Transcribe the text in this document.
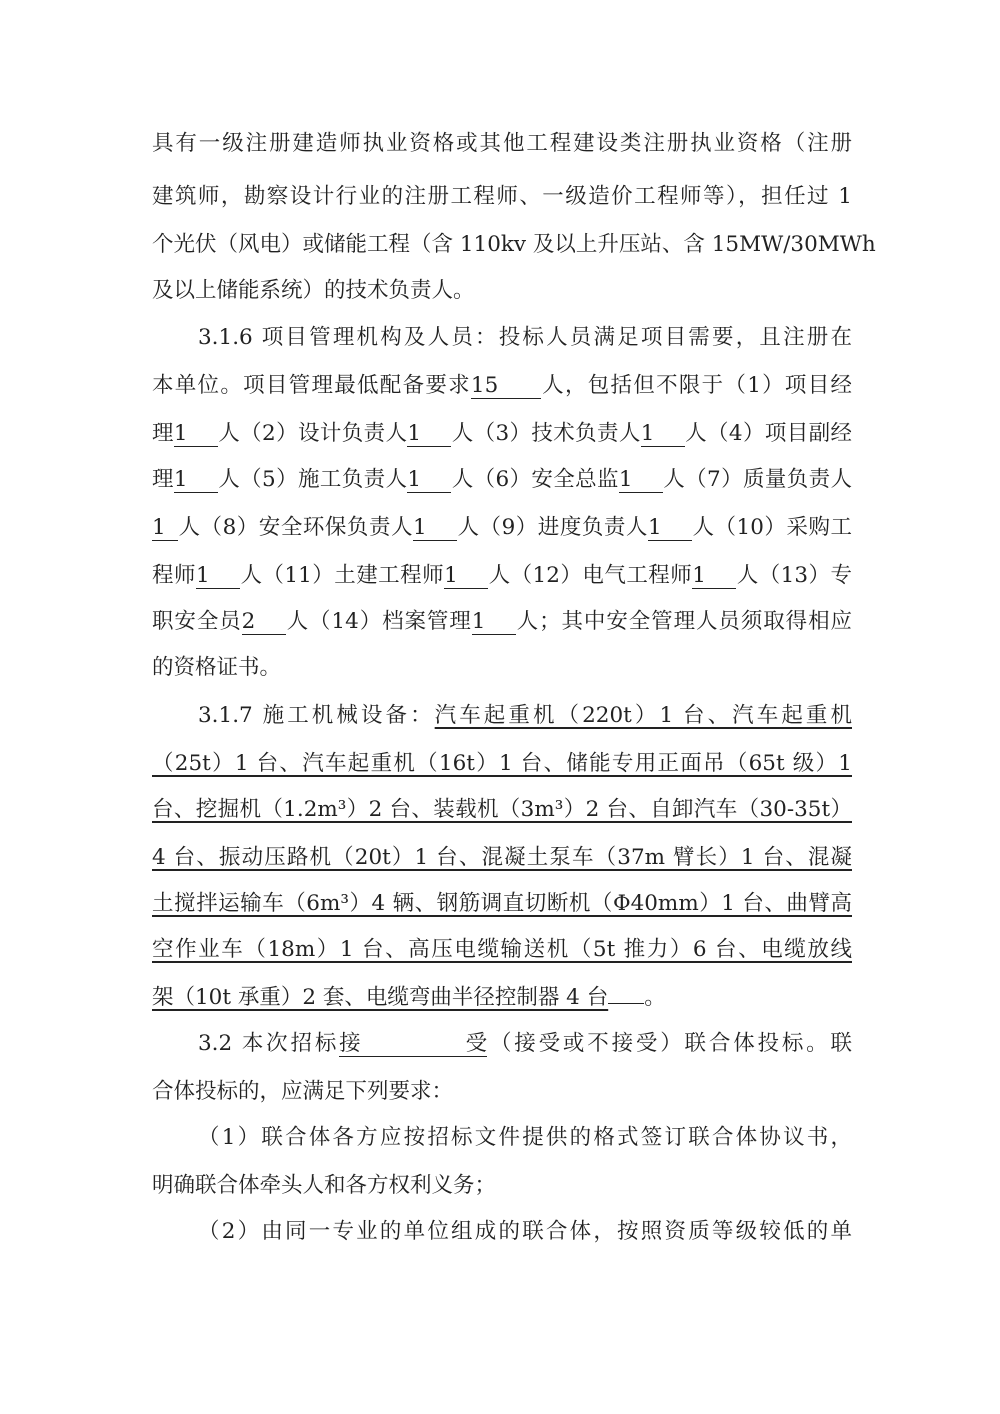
具有一级注册建造师执业资格或其他工程建设类注册执业资格（注册
建筑师，勘察设计行业的注册工程师、一级造价工程师等），担任过 1
个光伏（风电）或储能工程（含 110kv 及以上升压站、含 15MW/30MWh
及以上储能系统）的技术负责人。
3.1.6 项目管理机构及人员：投标人员满足项目需要，且注册在
本单位。项目管理最低配备要求15 人，包括但不限于（1）项目经
理1 人（2）设计负责人1 人（3）技术负责人1 人（4）项目副经
理1 人（5）施工负责人1 人（6）安全总监1 人（7）质量负责人
1 人（8）安全环保负责人1 人（9）进度负责人1 人（10）采购工
程师1 人（11）土建工程师1 人（12）电气工程师1 人（13）专
职安全员2 人（14）档案管理1 人；其中安全管理人员须取得相应
的资格证书。
3.1.7 施工机械设备：汽车起重机（220t）1 台、汽车起重机
（25t）1 台、汽车起重机（16t）1 台、储能专用正面吊（65t 级）1
台、挖掘机（1.2m³）2 台、装载机（3m³）2 台、自卸汽车（30-35t）
4 台、振动压路机（20t）1 台、混凝土泵车（37m 臂长）1 台、混凝
土搅拌运输车（6m³）4 辆、钢筋调直切断机（Φ40mm）1 台、曲臂高
空作业车（18m）1 台、高压电缆输送机（5t 推力）6 台、电缆放线
架（10t 承重）2 套、电缆弯曲半径控制器 4 台 。
3.2 本次招标接受（接受或不接受）联合体投标。联
合体投标的，应满足下列要求：
（1）联合体各方应按招标文件提供的格式签订联合体协议书，
明确联合体牵头人和各方权利义务；
（2）由同一专业的单位组成的联合体，按照资质等级较低的单
